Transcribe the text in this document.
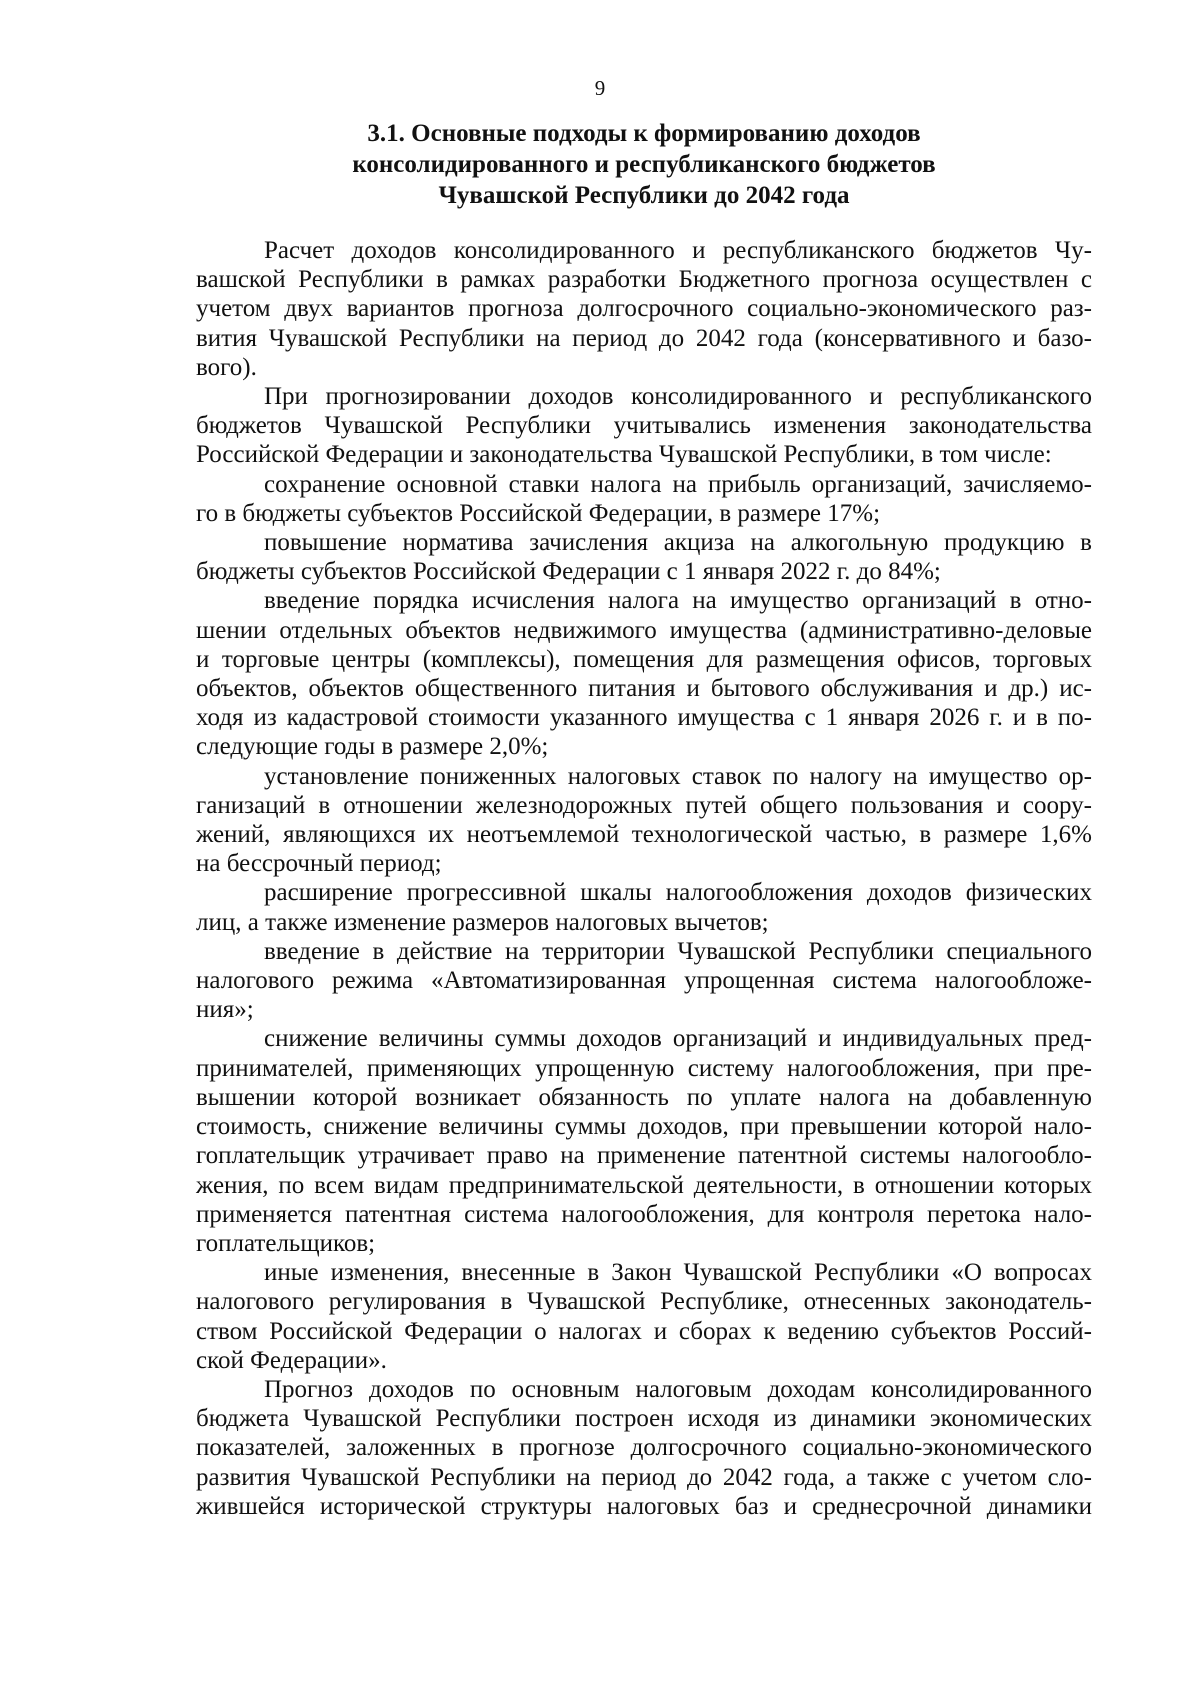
9
3.1. Основные подходы к формированию доходов
консолидированного и республиканского бюджетов
Чувашской Республики до 2042 года
Расчет доходов консолидированного и республиканского бюджетов Чу-
вашской Республики в рамках разработки Бюджетного прогноза осуществлен с
учетом двух вариантов прогноза долгосрочного социально-экономического раз-
вития Чувашской Республики на период до 2042 года (консервативного и базо-
вого).
При прогнозировании доходов консолидированного и республиканского
бюджетов Чувашской Республики учитывались изменения законодательства
Российской Федерации и законодательства Чувашской Республики, в том числе:
сохранение основной ставки налога на прибыль организаций, зачисляемо-
го в бюджеты субъектов Российской Федерации, в размере 17%;
повышение норматива зачисления акциза на алкогольную продукцию в
бюджеты субъектов Российской Федерации с 1 января 2022 г. до 84%;
введение порядка исчисления налога на имущество организаций в отно-
шении отдельных объектов недвижимого имущества (административно-деловые
и торговые центры (комплексы), помещения для размещения офисов, торговых
объектов, объектов общественного питания и бытового обслуживания и др.) ис-
ходя из кадастровой стоимости указанного имущества с 1 января 2026 г. и в по-
следующие годы в размере 2,0%;
установление пониженных налоговых ставок по налогу на имущество ор-
ганизаций в отношении железнодорожных путей общего пользования и соору-
жений, являющихся их неотъемлемой технологической частью, в размере 1,6%
на бессрочный период;
расширение прогрессивной шкалы налогообложения доходов физических
лиц, а также изменение размеров налоговых вычетов;
введение в действие на территории Чувашской Республики специального
налогового режима «Автоматизированная упрощенная система налогообложе-
ния»;
снижение величины суммы доходов организаций и индивидуальных пред-
принимателей, применяющих упрощенную систему налогообложения, при пре-
вышении которой возникает обязанность по уплате налога на добавленную
стоимость, снижение величины суммы доходов, при превышении которой нало-
гоплательщик утрачивает право на применение патентной системы налогообло-
жения, по всем видам предпринимательской деятельности, в отношении которых
применяется патентная система налогообложения, для контроля перетока нало-
гоплательщиков;
иные изменения, внесенные в Закон Чувашской Республики «О вопросах
налогового регулирования в Чувашской Республике, отнесенных законодатель-
ством Российской Федерации о налогах и сборах к ведению субъектов Россий-
ской Федерации».
Прогноз доходов по основным налоговым доходам консолидированного
бюджета Чувашской Республики построен исходя из динамики экономических
показателей, заложенных в прогнозе долгосрочного социально-экономического
развития Чувашской Республики на период до 2042 года, а также с учетом сло-
жившейся исторической структуры налоговых баз и среднесрочной динамики
